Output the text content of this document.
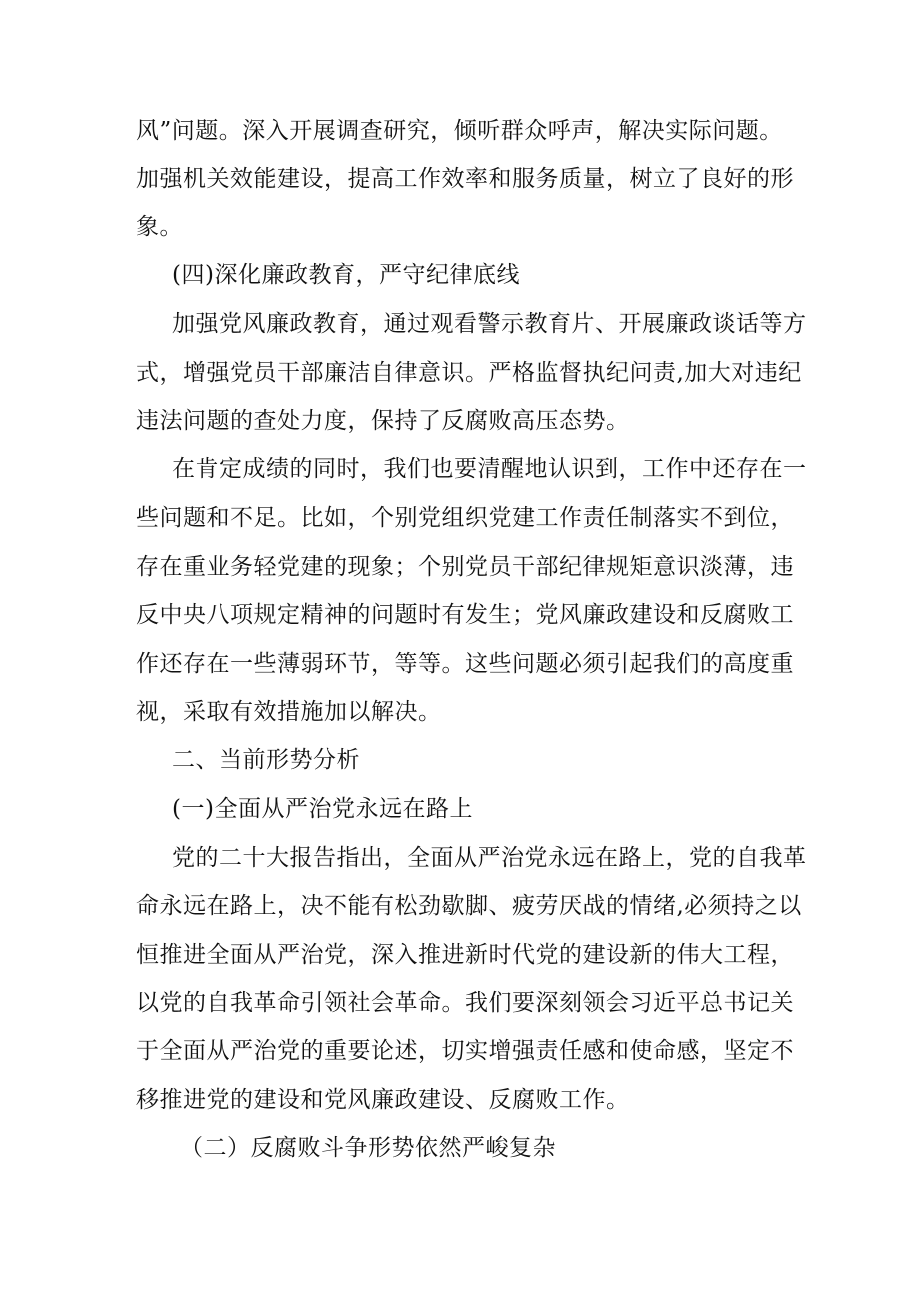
风”问题。深入开展调查研究，倾听群众呼声，解决实际问题。
加强机关效能建设，提高工作效率和服务质量，树立了良好的形
象。
(四)深化廉政教育，严守纪律底线
加强党风廉政教育，通过观看警示教育片、开展廉政谈话等方
式，增强党员干部廉洁自律意识。严格监督执纪问责,加大对违纪
违法问题的查处力度，保持了反腐败高压态势。
在肯定成绩的同时，我们也要清醒地认识到，工作中还存在一
些问题和不足。比如，个别党组织党建工作责任制落实不到位，
存在重业务轻党建的现象；个别党员干部纪律规矩意识淡薄，违
反中央八项规定精神的问题时有发生；党风廉政建设和反腐败工
作还存在一些薄弱环节，等等。这些问题必须引起我们的高度重
视，采取有效措施加以解决。
二、当前形势分析
(一)全面从严治党永远在路上
党的二十大报告指出，全面从严治党永远在路上，党的自我革
命永远在路上，决不能有松劲歇脚、疲劳厌战的情绪,必须持之以
恒推进全面从严治党，深入推进新时代党的建设新的伟大工程，
以党的自我革命引领社会革命。我们要深刻领会习近平总书记关
于全面从严治党的重要论述，切实增强责任感和使命感，坚定不
移推进党的建设和党风廉政建设、反腐败工作。
（二）反腐败斗争形势依然严峻复杂
